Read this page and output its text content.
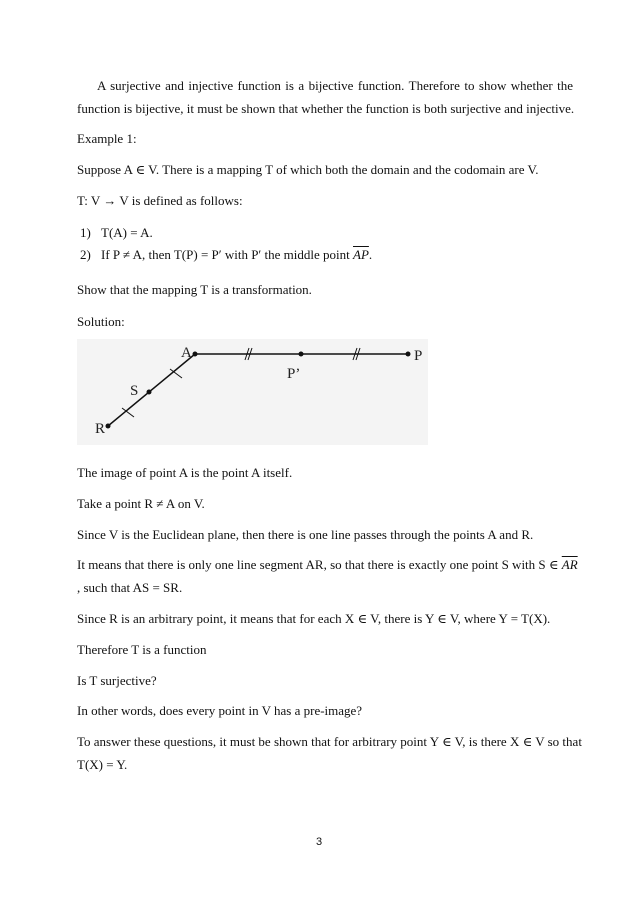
A surjective and injective function is a bijective function. Therefore to show whether the
function is bijective, it must be shown that whether the function is both surjective and injective.
Example 1:
Suppose A ∈ V. There is a mapping T of which both the domain and the codomain are V.
T: V → V is defined as follows:
1) T(A) = A.
2) If P ≠ A, then T(P) = P′ with P′ the middle point $\overline{AP}$.
Show that the mapping T is a transformation.
Solution:
R
S
A
P’
P
The image of point A is the point A itself.
Take a point R ≠ A on V.
Since V is the Euclidean plane, then there is one line passes through the points A and R.
It means that there is only one line segment AR, so that there is exactly one point S with S ∈ $\overline{AR}$
, such that AS = SR.
Since R is an arbitrary point, it means that for each X ∈ V, there is Y ∈ V, where Y = T(X).
Therefore T is a function
Is T surjective?
In other words, does every point in V has a pre-image?
To answer these questions, it must be shown that for arbitrary point Y ∈ V, is there X ∈ V so that
T(X) = Y.
3
